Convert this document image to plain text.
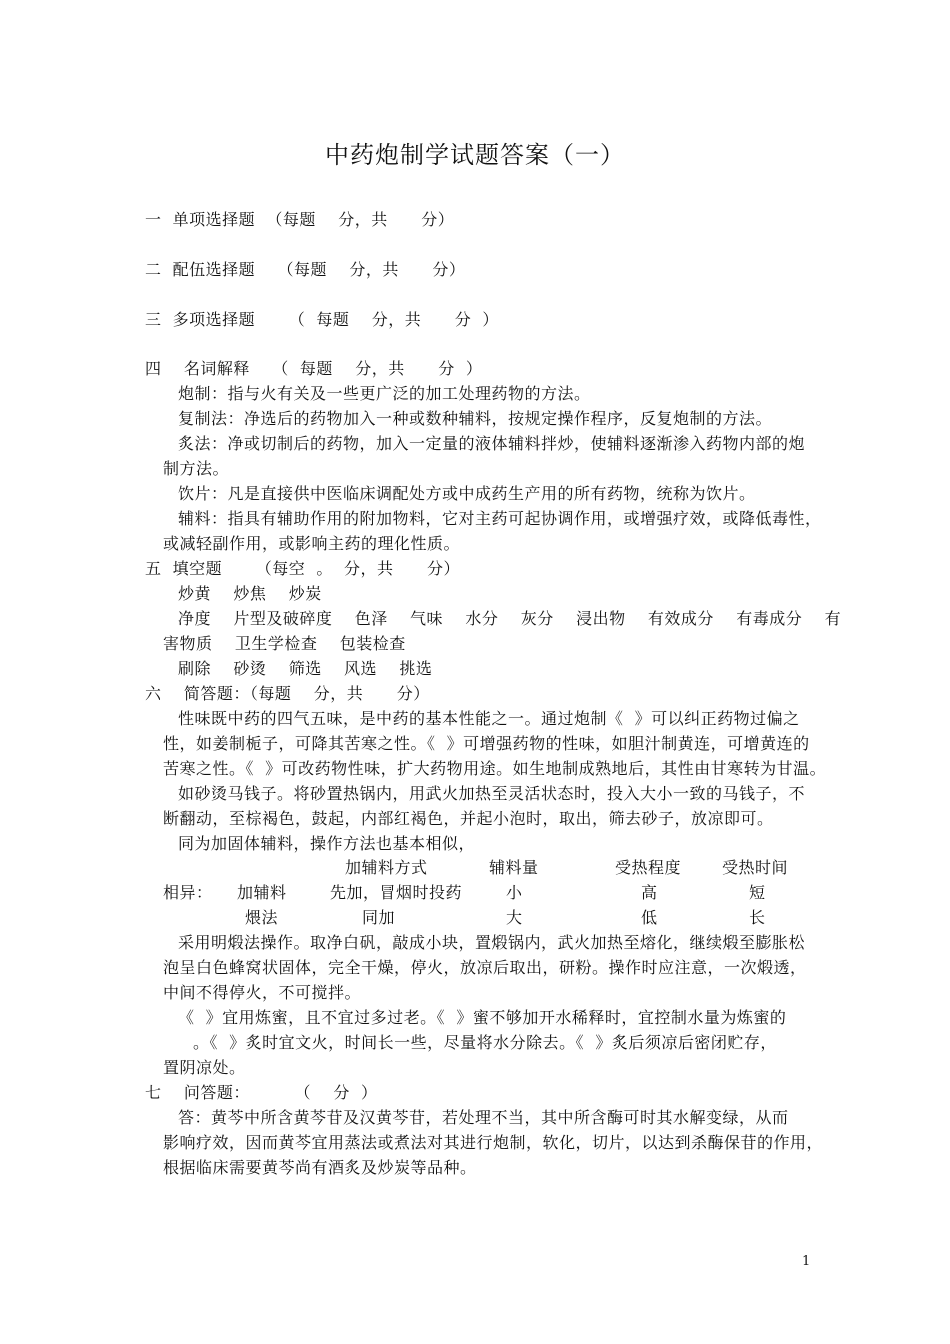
中药炮制学试题答案（一）
一  单项选择题  （每题    分，共      分）
二  配伍选择题    （每题    分，共      分）
三  多项选择题      （  每题    分，共      分  ）
四    名词解释    （  每题    分，共      分  ）
炮制：指与火有关及一些更广泛的加工处理药物的方法。
复制法：净选后的药物加入一种或数种辅料，按规定操作程序，反复炮制的方法。
炙法：净或切制后的药物，加入一定量的液体辅料拌炒，使辅料逐渐渗入药物内部的炮
制方法。
饮片：凡是直接供中医临床调配处方或中成药生产用的所有药物，统称为饮片。
辅料：指具有辅助作用的附加物料，它对主药可起协调作用，或增强疗效，或降低毒性，
或减轻副作用，或影响主药的理化性质。
五  填空题      （每空  。  分，共      分）
炒黄    炒焦    炒炭
净度    片型及破碎度    色泽    气味    水分    灰分    浸出物    有效成分    有毒成分    有
害物质    卫生学检查    包装检查
刷除    砂烫    筛选    风选    挑选
六    简答题：（每题    分，共      分）
性味既中药的四气五味，是中药的基本性能之一。通过炮制《  》可以纠正药物过偏之
性，如姜制栀子，可降其苦寒之性。《  》可增强药物的性味，如胆汁制黄连，可增黄连的
苦寒之性。《  》可改药物性味，扩大药物用途。如生地制成熟地后，其性由甘寒转为甘温。
如砂烫马钱子。将砂置热锅内，用武火加热至灵活状态时，投入大小一致的马钱子，不
断翻动，至棕褐色，鼓起，内部红褐色，并起小泡时，取出，筛去砂子，放凉即可。
同为加固体辅料，操作方法也基本相似，
加辅料方式	辅料量	受热程度	受热时间
相异： 加辅料	先加，冒烟时投药	小	高	短
煨法	同加	大	低	长
采用明煅法操作。取净白矾，敲成小块，置煅锅内，武火加热至熔化，继续煅至膨胀松
泡呈白色蜂窝状固体，完全干燥，停火，放凉后取出，研粉。操作时应注意，一次煅透，
中间不得停火，不可搅拌。
《  》宜用炼蜜，且不宜过多过老。《  》蜜不够加开水稀释时，宜控制水量为炼蜜的
。《  》炙时宜文火，时间长一些，尽量将水分除去。《  》炙后须凉后密闭贮存，
置阴凉处。
七    问答题：        （    分  ）
答：黄芩中所含黄芩苷及汉黄芩苷，若处理不当，其中所含酶可时其水解变绿，从而
影响疗效，因而黄芩宜用蒸法或煮法对其进行炮制，软化，切片，以达到杀酶保苷的作用，
根据临床需要黄芩尚有酒炙及炒炭等品种。
1
